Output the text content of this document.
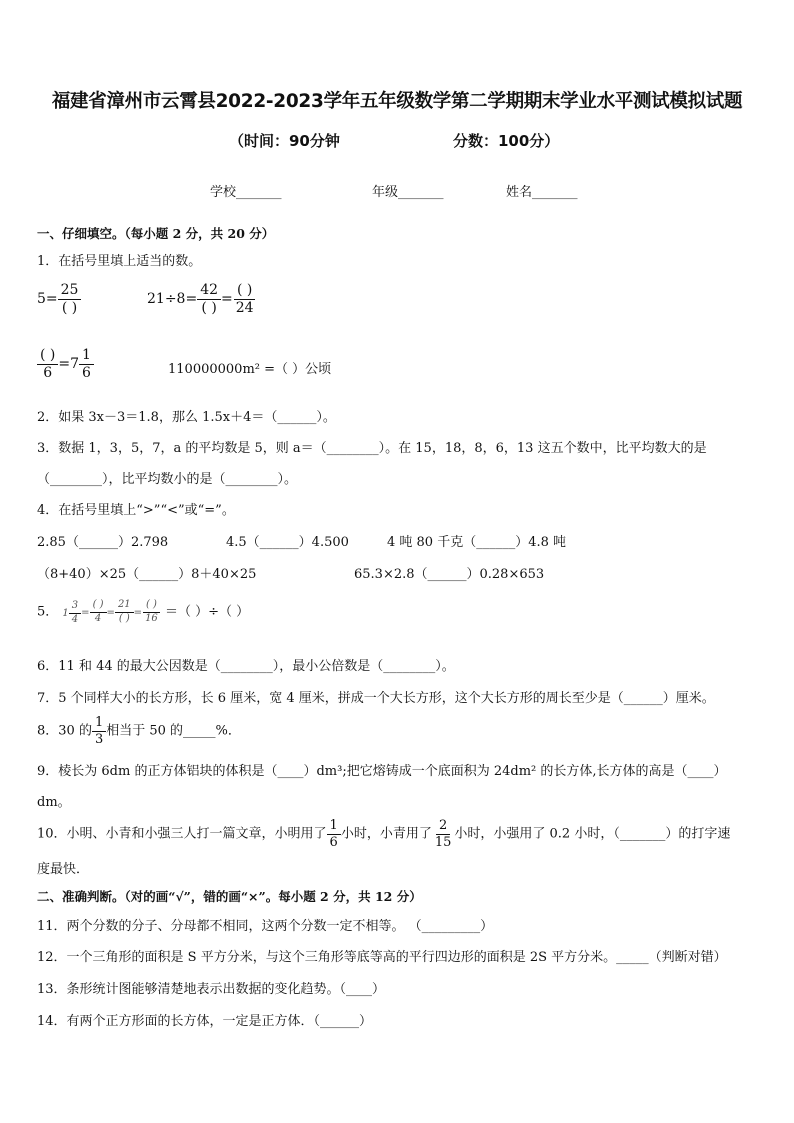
福建省漳州市云霄县2022-2023学年五年级数学第二学期期末学业水平测试模拟试题
（时间：90分钟	分数：100分）
学校_______	年级_______	姓名_______
一、仔细填空。（每小题 2 分，共 20 分）
1．在括号里填上适当的数。
$5= \frac{25}{( )}$	$21\div 8= \frac{42}{( )} = \frac{( )}{24}$
$\frac{( )}{6} =7 \frac{1}{6}$	110000000m² =（ ）公顷
2．如果 3x－3＝1.8，那么 1.5x＋4＝（______）。
3．数据 1，3，5，7，a 的平均数是 5，则 a＝（________）。在 15，18，8，6，13 这五个数中，比平均数大的是
（________），比平均数小的是（________）。
4．在括号里填上“>”“<”或“=”。
2.85（______）2.798	4.5（______）4.500	4 吨 80 千克（______）4.8 吨
（8+40）×25（______）8＋40×25	65.3×2.8（______）0.28×653
5． $1 \frac{3}{4} = \frac{( )}{4} = \frac{21}{( )} = \frac{( )}{16}$ ＝（ ）÷（ ）
6．11 和 44 的最大公因数是（________），最小公倍数是（________）。
7．5 个同样大小的长方形，长 6 厘米，宽 4 厘米，拼成一个大长方形，这个大长方形的周长至少是（______）厘米。
8．30 的 $\frac{1}{3}$ 相当于 50 的_____%．
9．棱长为 6dm 的正方体铝块的体积是（____）dm³;把它熔铸成一个底面积为 24dm² 的长方体,长方体的高是（____）
dm。
10．小明、小青和小强三人打一篇文章，小明用了 $\frac{1}{6}$ 小时，小青用了 $\frac{2}{15}$ 小时，小强用了 0.2 小时，（_______）的打字速
度最快．
二、准确判断。（对的画“√”，错的画“×”。每小题 2 分，共 12 分）
11．两个分数的分子、分母都不相同，这两个分数一定不相等。 （_________）
12．一个三角形的面积是 S 平方分米，与这个三角形等底等高的平行四边形的面积是 2S 平方分米。_____（判断对错）
13．条形统计图能够清楚地表示出数据的变化趋势。（____）
14．有两个正方形面的长方体，一定是正方体．（______）
